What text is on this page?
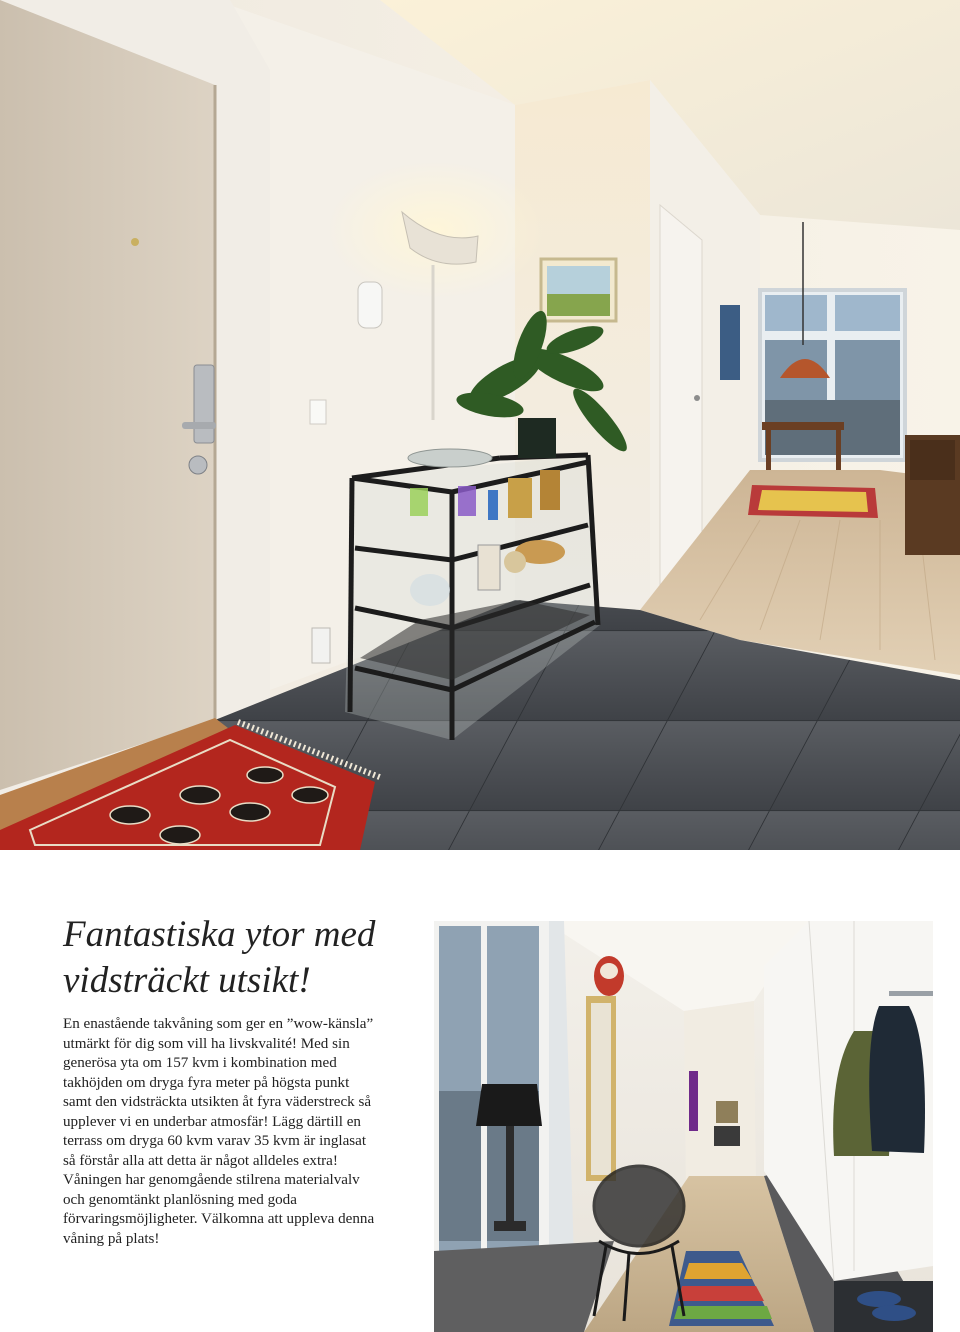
Fantastiska ytor med vidsträckt utsikt!

En enastående takvåning som ger en ”wow-känsla” utmärkt för dig som vill ha livskvalité! Med sin generösa yta om 157 kvm i kombination med takhöjden om dryga fyra meter på högsta punkt samt den vidsträckta utsikten åt fyra väderstreck så upplever vi en underbar atmosfär! Lägg därtill en terrass om dryga 60 kvm varav 35 kvm är inglasat så förstår alla att detta är något alldeles extra! Våningen har genomgående stilrena materialvalv och genomtänkt planlösning med goda förvaringsmöjligheter. Välkomna att uppleva denna våning på plats!
